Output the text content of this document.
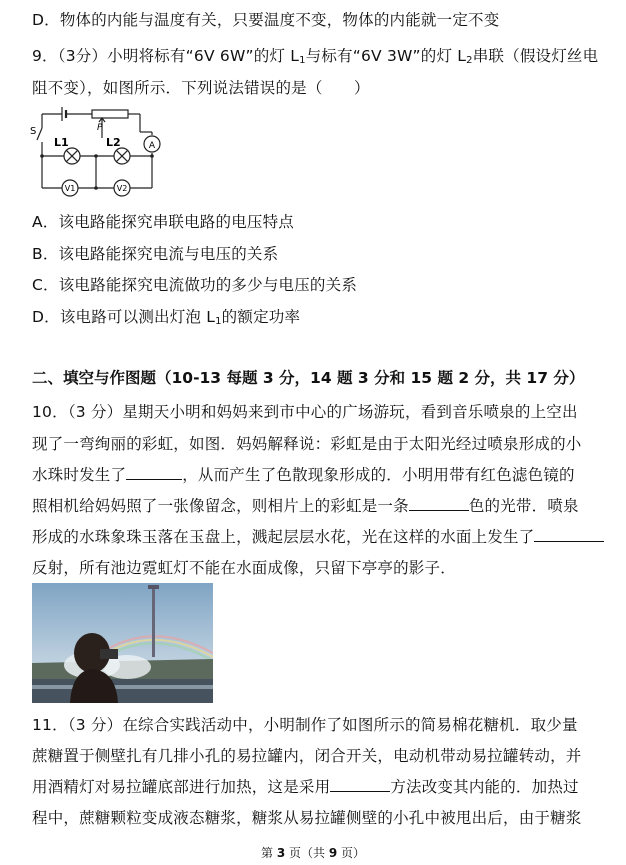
D．物体的内能与温度有关，只要温度不变，物体的内能就一定不变
9．（3分）小明将标有“6V 6W”的灯 $L_1$与标有“6V 3W”的灯 $L_2$串联（假设灯丝电
阻不变），如图所示．下列说法错误的是（　　）
S	P
L1	L2	A
V1	V2
A．该电路能探究串联电路的电压特点
B．该电路能探究电流与电压的关系
C．该电路能探究电流做功的多少与电压的关系
D．该电路可以测出灯泡 $L_1$的额定功率
二、填空与作图题（10-13 每题 3 分，14 题 3 分和 15 题 2 分，共 17 分）
10．（3 分）星期天小明和妈妈来到市中心的广场游玩，看到音乐喷泉的上空出
现了一弯绚丽的彩虹，如图．妈妈解释说：彩虹是由于太阳光经过喷泉形成的小
水珠时发生了	，从而产生了色散现象形成的．小明用带有红色滤色镜的
照相机给妈妈照了一张像留念，则相片上的彩虹是一条	色的光带．喷泉
形成的水珠象珠玉落在玉盘上，溅起层层水花，光在这样的水面上发生了
反射，所有池边霓虹灯不能在水面成像，只留下亭亭的影子．
11．（3 分）在综合实践活动中，小明制作了如图所示的简易棉花糖机．取少量
蔗糖置于侧壁扎有几排小孔的易拉罐内，闭合开关，电动机带动易拉罐转动，并
用酒精灯对易拉罐底部进行加热，这是采用	方法改变其内能的．加热过
程中，蔗糖颗粒变成液态糖浆，糖浆从易拉罐侧壁的小孔中被甩出后，由于糖浆
第 3 页（共 9 页）
